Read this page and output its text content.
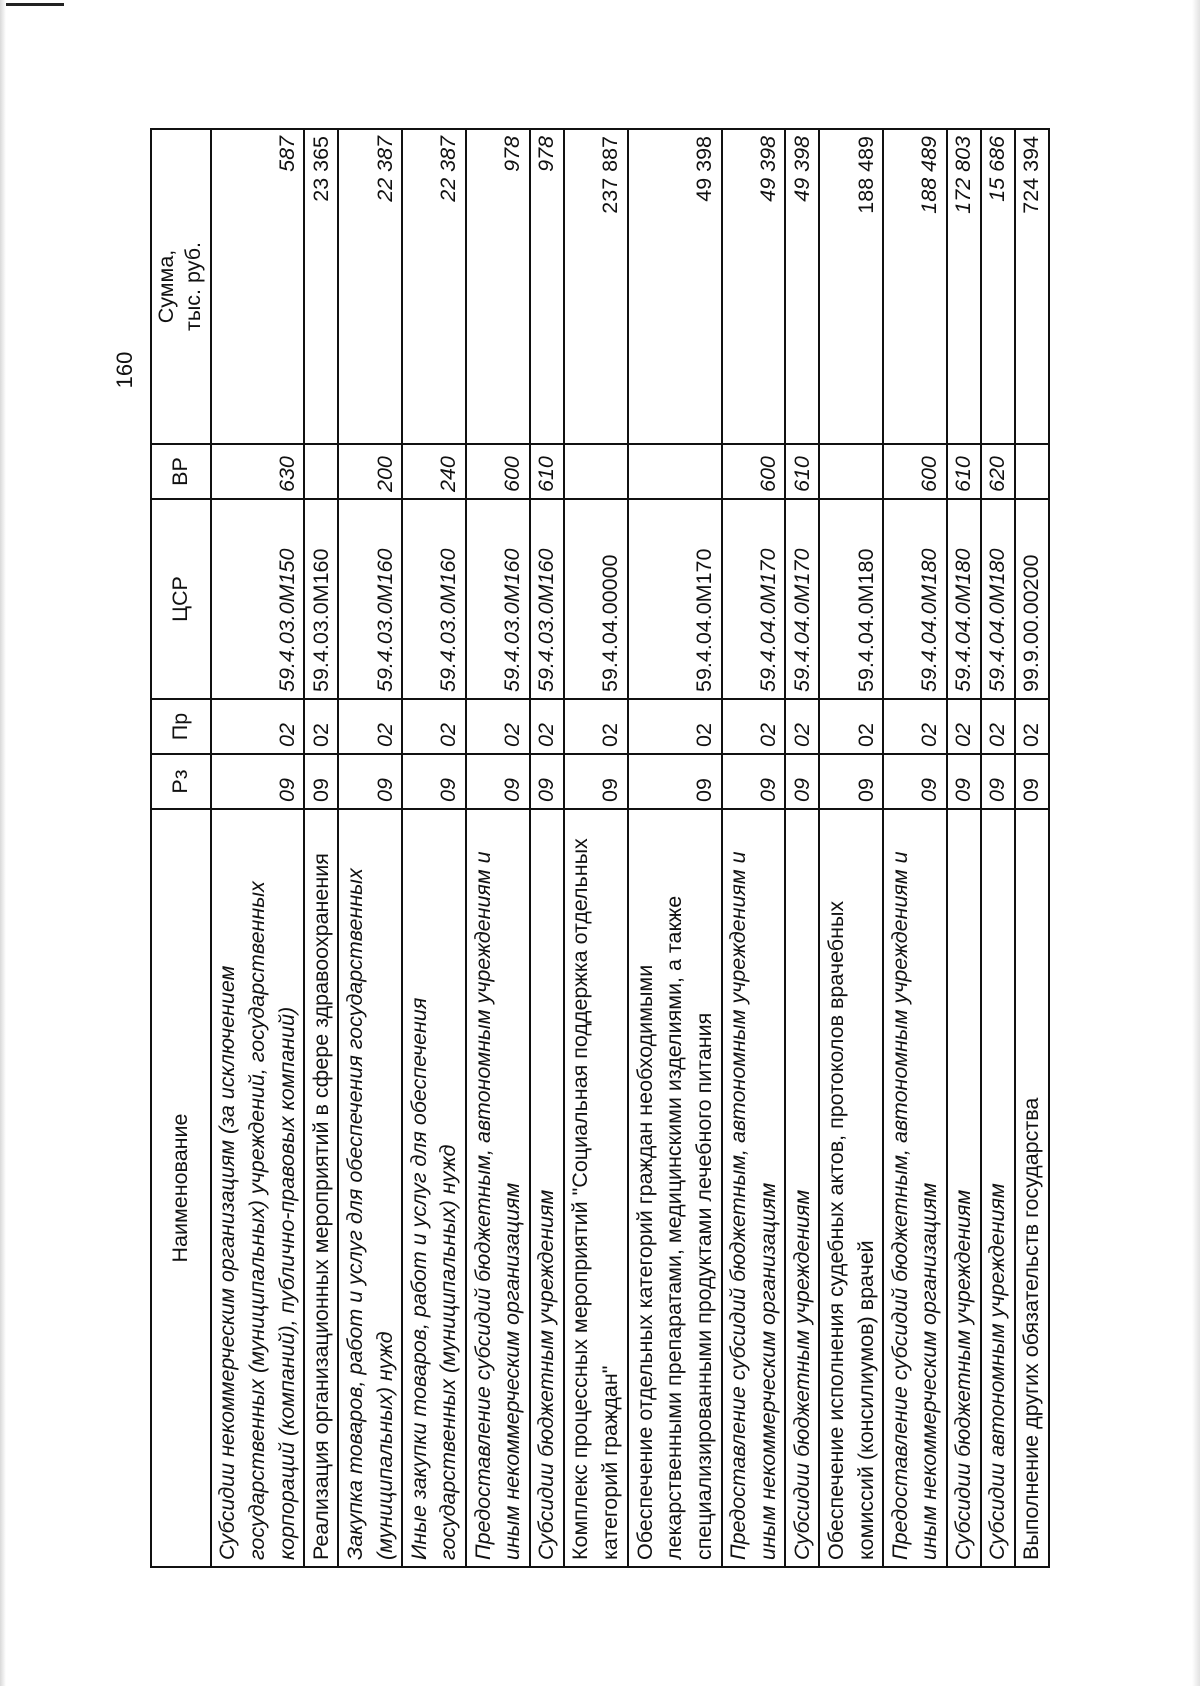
160
Наименование	Рз	Пр	ЦСР	ВР	Сумма, тыс. руб.
Субсидии некоммерческим организациям (за исключением государственных (муниципальных) учреждений, государственных корпораций (компаний), публично-правовых компаний)	09	02	59.4.03.0M150	630	587
Реализация организационных мероприятий в сфере здравоохранения	09	02	59.4.03.0M160		23 365
Закупка товаров, работ и услуг для обеспечения государственных (муниципальных) нужд	09	02	59.4.03.0M160	200	22 387
Иные закупки товаров, работ и услуг для обеспечения государственных (муниципальных) нужд	09	02	59.4.03.0M160	240	22 387
Предоставление субсидий бюджетным, автономным учреждениям и иным некоммерческим организациям	09	02	59.4.03.0M160	600	978
Субсидии бюджетным учреждениям	09	02	59.4.03.0M160	610	978
Комплекс процессных мероприятий "Социальная поддержка отдельных категорий граждан"	09	02	59.4.04.00000		237 887
Обеспечение отдельных категорий граждан необходимыми лекарственными препаратами, медицинскими изделиями, а также специализированными продуктами лечебного питания	09	02	59.4.04.0M170		49 398
Предоставление субсидий бюджетным, автономным учреждениям и иным некоммерческим организациям	09	02	59.4.04.0M170	600	49 398
Субсидии бюджетным учреждениям	09	02	59.4.04.0M170	610	49 398
Обеспечение исполнения судебных актов, протоколов врачебных комиссий (консилиумов) врачей	09	02	59.4.04.0M180		188 489
Предоставление субсидий бюджетным, автономным учреждениям и иным некоммерческим организациям	09	02	59.4.04.0M180	600	188 489
Субсидии бюджетным учреждениям	09	02	59.4.04.0M180	610	172 803
Субсидии автономным учреждениям	09	02	59.4.04.0M180	620	15 686
Выполнение других обязательств государства	09	02	99.9.00.00200		724 394
